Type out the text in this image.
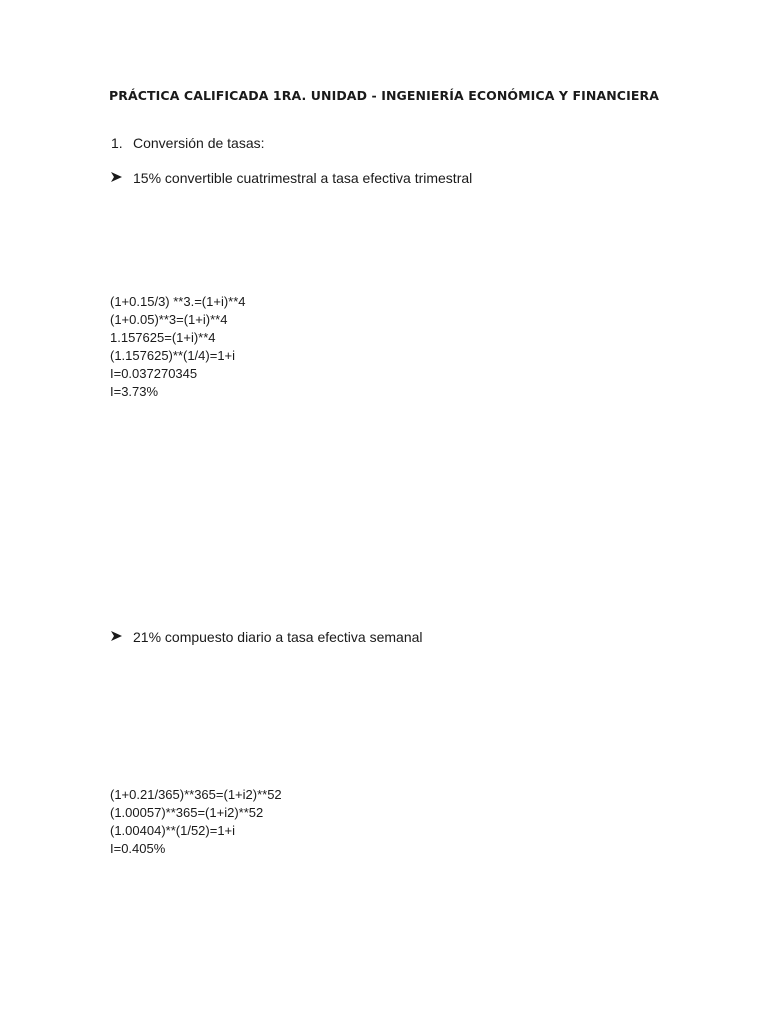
PRÁCTICA CALIFICADA 1RA. UNIDAD - INGENIERÍA ECONÓMICA Y FINANCIERA
1. Conversión de tasas:
15% convertible cuatrimestral a tasa efectiva trimestral
(1+0.15/3) **3.=(1+i)**4
(1+0.05)**3=(1+i)**4
1.157625=(1+i)**4
(1.157625)**(1/4)=1+i
I=0.037270345
I=3.73%
21% compuesto diario a tasa efectiva semanal
(1+0.21/365)**365=(1+i2)**52
(1.00057)**365=(1+i2)**52
(1.00404)**(1/52)=1+i
I=0.405%
